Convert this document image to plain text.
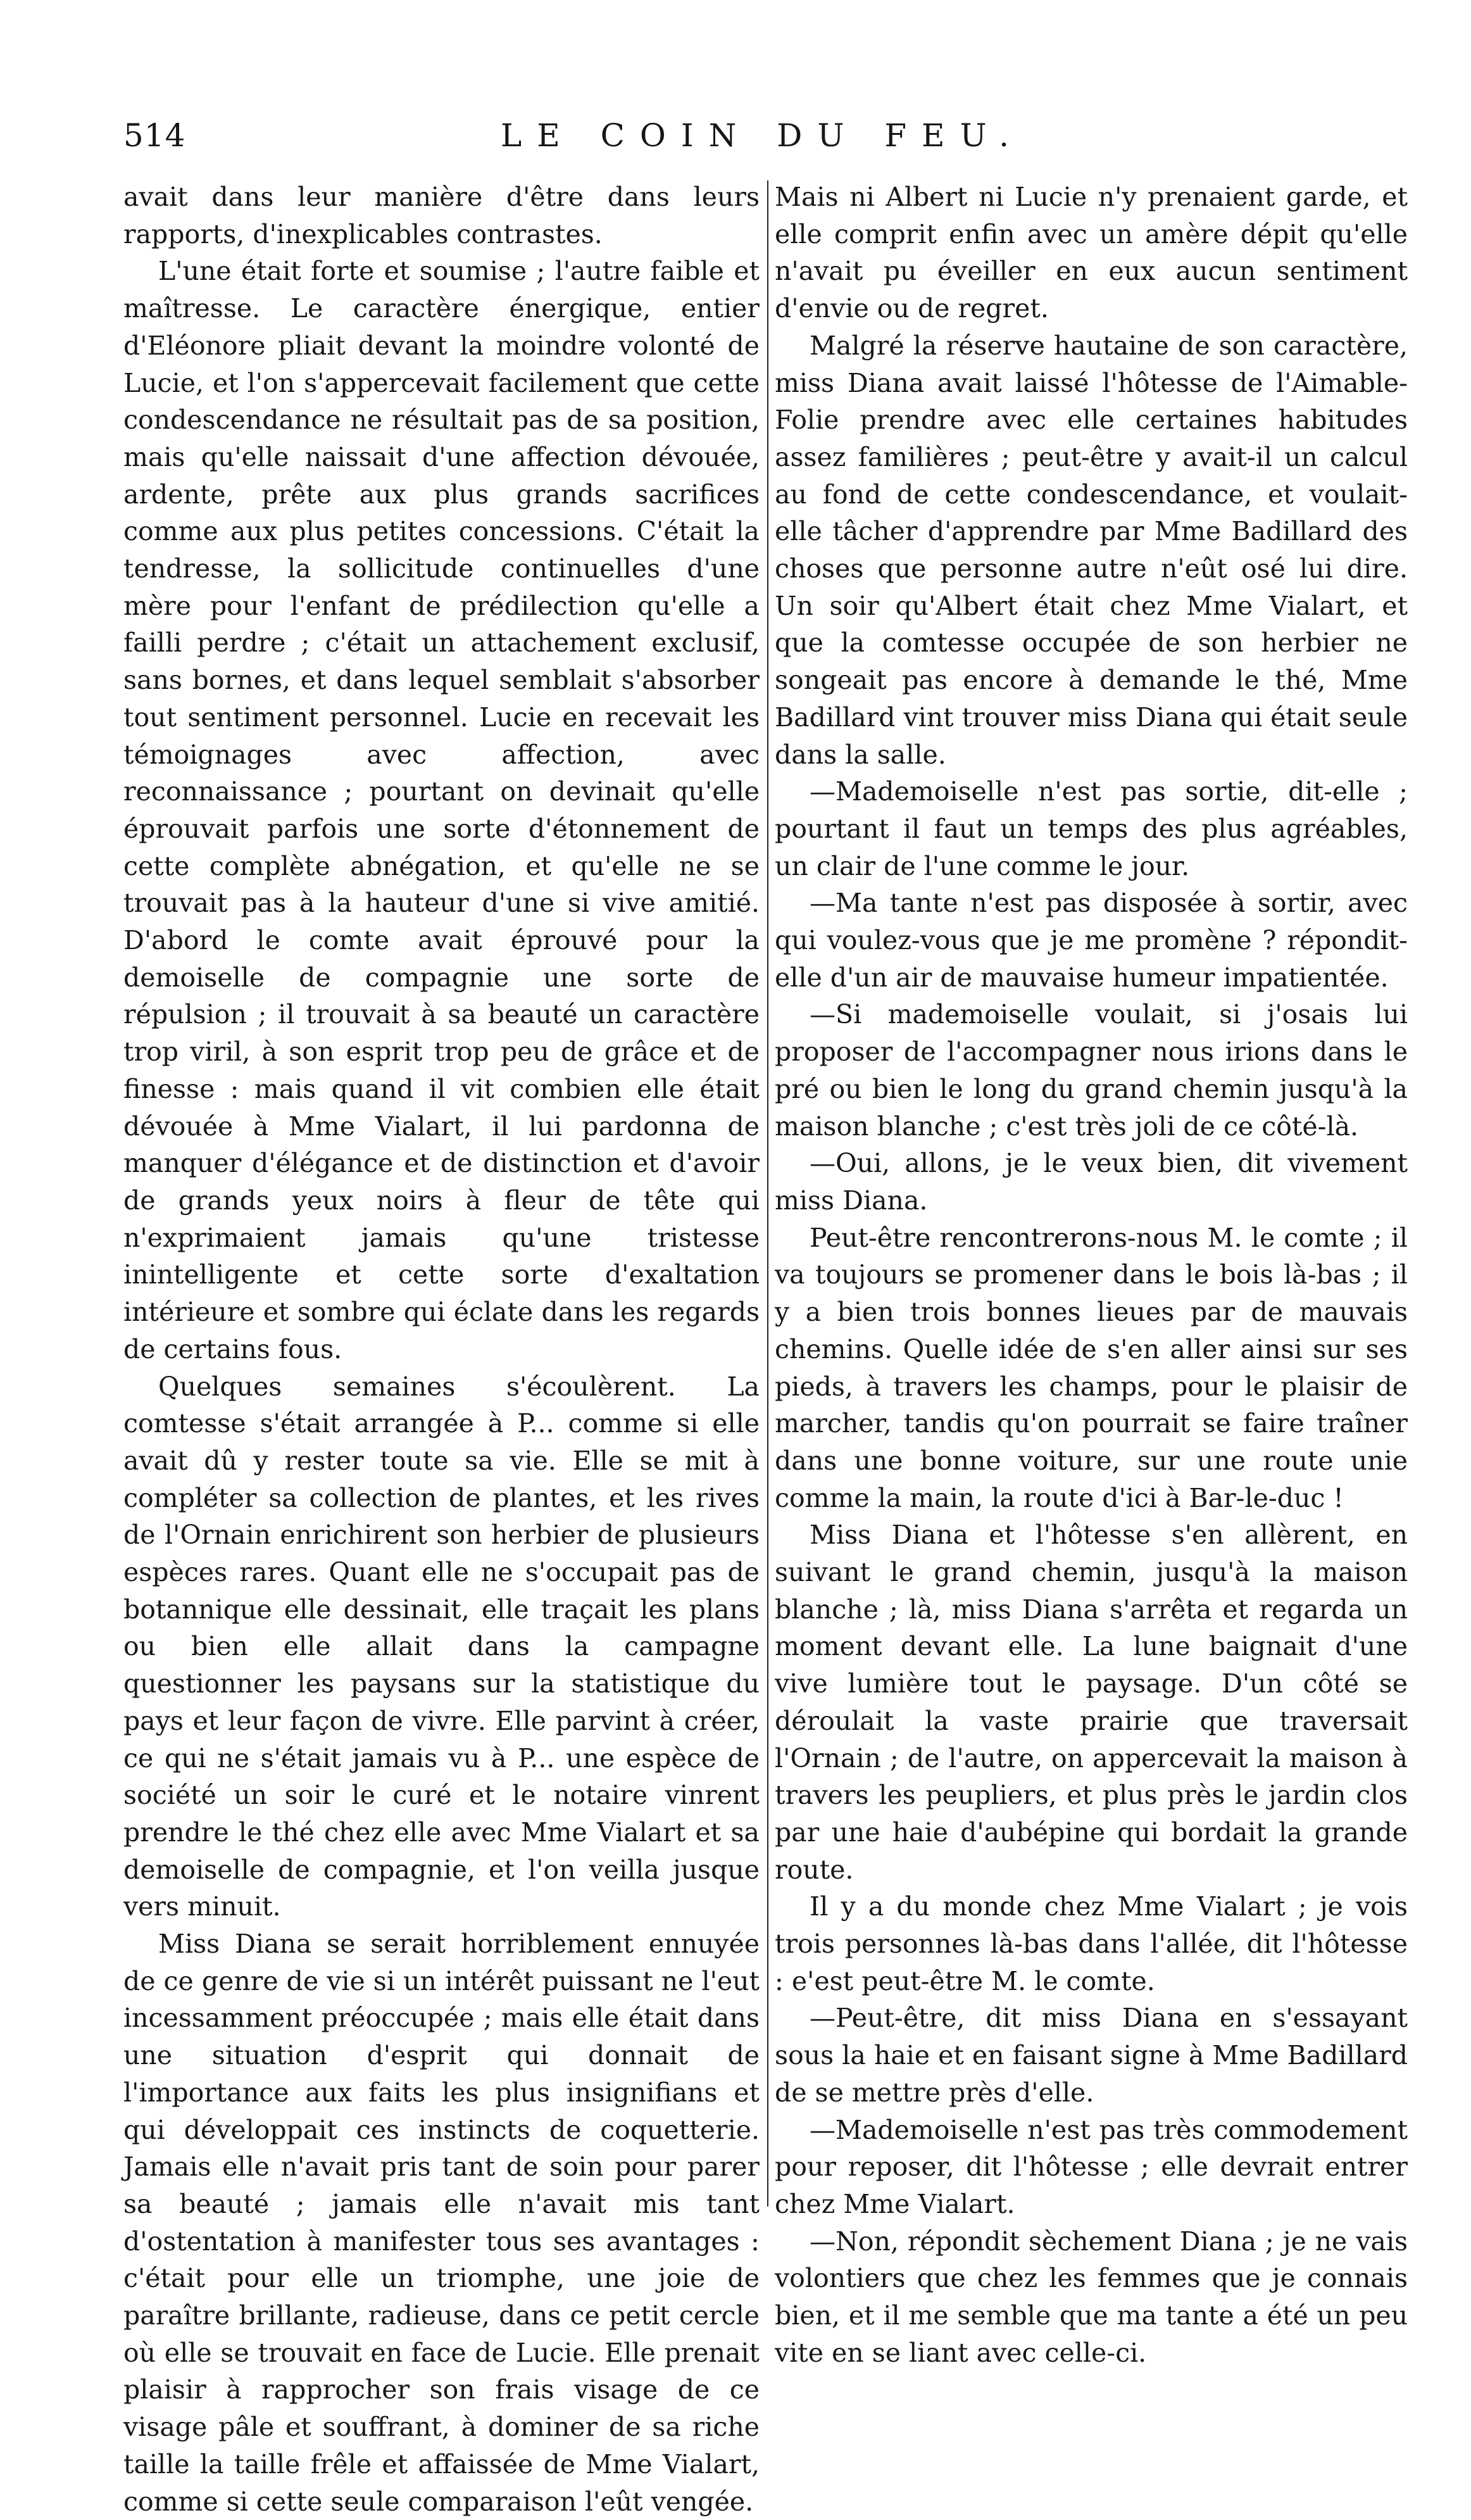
514	LE COIN DU FEU.

avait dans leur manière d'être dans leurs rapports, d'inexplicables contrastes.

L'une était forte et soumise ; l'autre faible et maîtresse. Le caractère énergique, entier d'Eléonore pliait devant la moindre volonté de Lucie, et l'on s'appercevait facilement que cette condescendance ne résultait pas de sa position, mais qu'elle naissait d'une affection dévouée, ardente, prête aux plus grands sacrifices comme aux plus petites concessions. C'était la tendresse, la sollicitude continuelles d'une mère pour l'enfant de prédilection qu'elle a failli perdre ; c'était un attachement exclusif, sans bornes, et dans lequel semblait s'absorber tout sentiment personnel. Lucie en recevait les témoignages avec affection, avec reconnaissance ; pourtant on devinait qu'elle éprouvait parfois une sorte d'étonnement de cette complète abnégation, et qu'elle ne se trouvait pas à la hauteur d'une si vive amitié. D'abord le comte avait éprouvé pour la demoiselle de compagnie une sorte de répulsion ; il trouvait à sa beauté un caractère trop viril, à son esprit trop peu de grâce et de finesse : mais quand il vit combien elle était dévouée à Mme Vialart, il lui pardonna de manquer d'élégance et de distinction et d'avoir de grands yeux noirs à fleur de tête qui n'exprimaient jamais qu'une tristesse inintelligente et cette sorte d'exaltation intérieure et sombre qui éclate dans les regards de certains fous.

Quelques semaines s'écoulèrent. La comtesse s'était arrangée à P... comme si elle avait dû y rester toute sa vie. Elle se mit à compléter sa collection de plantes, et les rives de l'Ornain enrichirent son herbier de plusieurs espèces rares. Quant elle ne s'occupait pas de botannique elle dessinait, elle traçait les plans ou bien elle allait dans la campagne questionner les paysans sur la statistique du pays et leur façon de vivre. Elle parvint à créer, ce qui ne s'était jamais vu à P... une espèce de société un soir le curé et le notaire vinrent prendre le thé chez elle avec Mme Vialart et sa demoiselle de compagnie, et l'on veilla jusque vers minuit.

Miss Diana se serait horriblement ennuyée de ce genre de vie si un intérêt puissant ne l'eut incessamment préoccupée ; mais elle était dans une situation d'esprit qui donnait de l'importance aux faits les plus insignifians et qui développait ces instincts de coquetterie. Jamais elle n'avait pris tant de soin pour parer sa beauté ; jamais elle n'avait mis tant d'ostentation à manifester tous ses avantages : c'était pour elle un triomphe, une joie de paraître brillante, radieuse, dans ce petit cercle où elle se trouvait en face de Lucie. Elle prenait plaisir à rapprocher son frais visage de ce visage pâle et souffrant, à dominer de sa riche taille la taille frêle et affaissée de Mme Vialart, comme si cette seule comparaison l'eût vengée.

Mais ni Albert ni Lucie n'y prenaient garde, et elle comprit enfin avec un amère dépit qu'elle n'avait pu éveiller en eux aucun sentiment d'envie ou de regret.

Malgré la réserve hautaine de son caractère, miss Diana avait laissé l'hôtesse de l'Aimable-Folie prendre avec elle certaines habitudes assez familières ; peut-être y avait-il un calcul au fond de cette condescendance, et voulait-elle tâcher d'apprendre par Mme Badillard des choses que personne autre n'eût osé lui dire. Un soir qu'Albert était chez Mme Vialart, et que la comtesse occupée de son herbier ne songeait pas encore à demande le thé, Mme Badillard vint trouver miss Diana qui était seule dans la salle.

—Mademoiselle n'est pas sortie, dit-elle ; pourtant il faut un temps des plus agréables, un clair de l'une comme le jour.

—Ma tante n'est pas disposée à sortir, avec qui voulez-vous que je me promène ? répondit-elle d'un air de mauvaise humeur impatientée.

—Si mademoiselle voulait, si j'osais lui proposer de l'accompagner nous irions dans le pré ou bien le long du grand chemin jusqu'à la maison blanche ; c'est très joli de ce côté-là.

—Oui, allons, je le veux bien, dit vivement miss Diana.

Peut-être rencontrerons-nous M. le comte ; il va toujours se promener dans le bois là-bas ; il y a bien trois bonnes lieues par de mauvais chemins. Quelle idée de s'en aller ainsi sur ses pieds, à travers les champs, pour le plaisir de marcher, tandis qu'on pourrait se faire traîner dans une bonne voiture, sur une route unie comme la main, la route d'ici à Bar-le-duc !

Miss Diana et l'hôtesse s'en allèrent, en suivant le grand chemin, jusqu'à la maison blanche ; là, miss Diana s'arrêta et regarda un moment devant elle. La lune baignait d'une vive lumière tout le paysage. D'un côté se déroulait la vaste prairie que traversait l'Ornain ; de l'autre, on appercevait la maison à travers les peupliers, et plus près le jardin clos par une haie d'aubépine qui bordait la grande route.

Il y a du monde chez Mme Vialart ; je vois trois personnes là-bas dans l'allée, dit l'hôtesse : e'est peut-être M. le comte.

—Peut-être, dit miss Diana en s'essayant sous la haie et en faisant signe à Mme Badillard de se mettre près d'elle.

—Mademoiselle n'est pas très commodement pour reposer, dit l'hôtesse ; elle devrait entrer chez Mme Vialart.

—Non, répondit sèchement Diana ; je ne vais volontiers que chez les femmes que je connais bien, et il me semble que ma tante a été un peu vite en se liant avec celle-ci.
